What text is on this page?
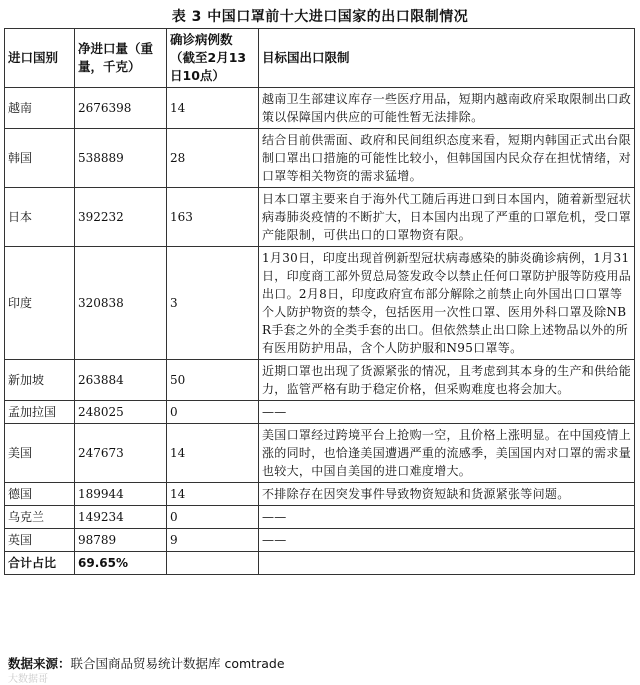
表 3 中国口罩前十大进口国家的出口限制情况
进口国别	净进口量（重量，千克）	确诊病例数（截至2月13日10点）	目标国出口限制
越南	2676398	14	越南卫生部建议库存一些医疗用品，短期内越南政府采取限制出口政策以保障国内供应的可能性暂无法排除。
韩国	538889	28	结合目前供需面、政府和民间组织态度来看，短期内韩国正式出台限制口罩出口措施的可能性比较小，但韩国国内民众存在担忧情绪，对口罩等相关物资的需求猛增。
日本	392232	163	日本口罩主要来自于海外代工随后再进口到日本国内，随着新型冠状病毒肺炎疫情的不断扩大，日本国内出现了严重的口罩危机，受口罩产能限制，可供出口的口罩物资有限。
印度	320838	3	1月30日，印度出现首例新型冠状病毒感染的肺炎确诊病例，1月31日，印度商工部外贸总局签发政令以禁止任何口罩防护服等防疫用品出口。2月8日，印度政府宣布部分解除之前禁止向外国出口口罩等个人防护物资的禁令，包括医用一次性口罩、医用外科口罩及除NBR手套之外的全类手套的出口。但依然禁止出口除上述物品以外的所有医用防护用品，含个人防护服和N95口罩等。
新加坡	263884	50	近期口罩也出现了货源紧张的情况，且考虑到其本身的生产和供给能力，监管严格有助于稳定价格，但采购难度也将会加大。
孟加拉国	248025	0	——
美国	247673	14	美国口罩经过跨境平台上抢购一空，且价格上涨明显。在中国疫情上涨的同时，也恰逢美国遭遇严重的流感季，美国国内对口罩的需求量也较大，中国自美国的进口难度增大。
德国	189944	14	不排除存在因突发事件导致物资短缺和货源紧张等问题。
乌克兰	149234	0	——
英国	98789	9	——
合计占比	69.65%		
数据来源：联合国商品贸易统计数据库 comtrade
大数据哥
